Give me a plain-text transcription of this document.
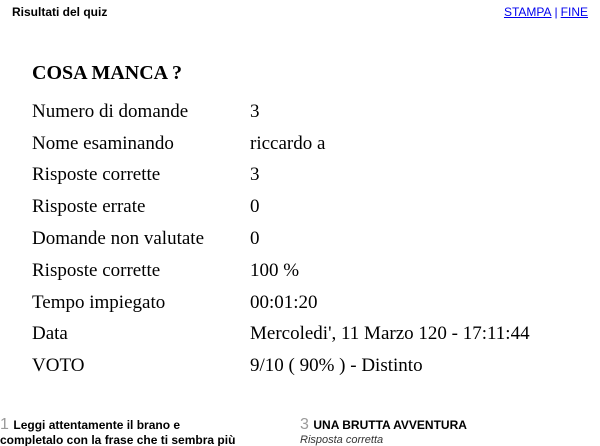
Risultati del quiz	STAMPA | FINE
COSA MANCA ?
Numero di domande	3
Nome esaminando	riccardo a
Risposte corrette	3
Risposte errate	0
Domande non valutate	0
Risposte corrette	100 %
Tempo impiegato	00:01:20
Data	Mercoledi', 11 Marzo 120 - 17:11:44
VOTO	9/10 ( 90% ) - Distinto
1 Leggi attentamente il brano e
completalo con la frase che ti sembra più
3 UNA BRUTTA AVVENTURA
Risposta corretta
